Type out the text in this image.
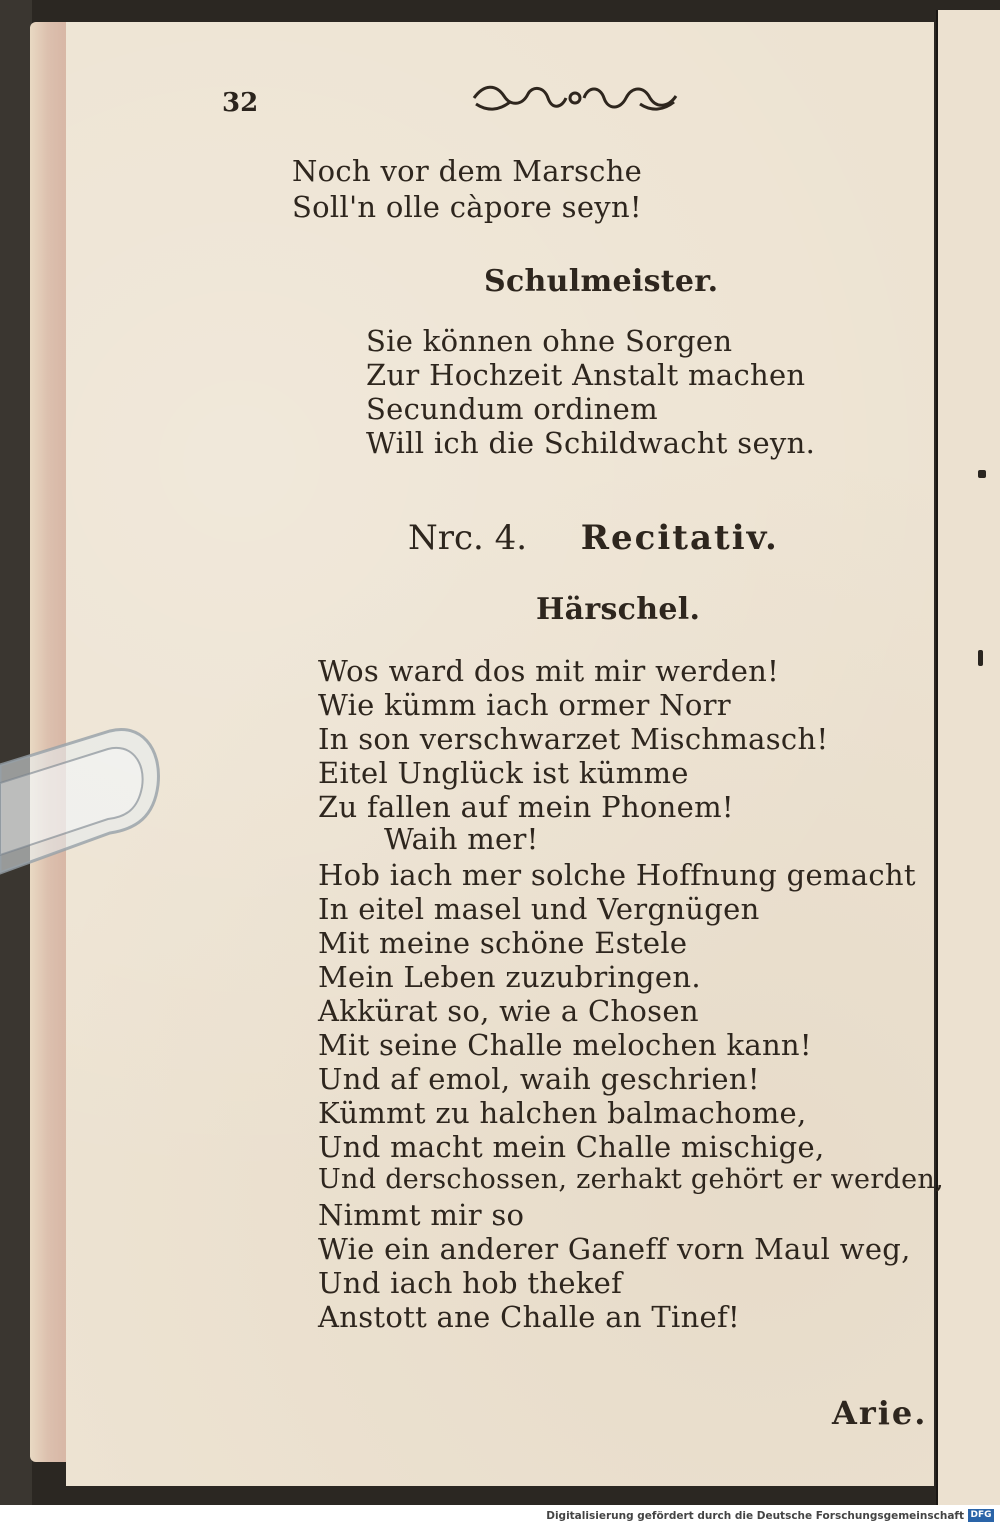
32
Noch vor dem Marsche
Soll'n olle càpore seyn!
Schulmeister.
Sie können ohne Sorgen
Zur Hochzeit Anstalt machen
Secundum ordinem
Will ich die Schildwacht seyn.
Nrc. 4. Recitativ.
Härschel.
Wos ward dos mit mir werden!
Wie kümm iach ormer Norr
In son verschwarzet Mischmasch!
Eitel Unglück ist kümme
Zu fallen auf mein Phonem!
Waih mer!
Hob iach mer solche Hoffnung gemacht
In eitel masel und Vergnügen
Mit meine schöne Estele
Mein Leben zuzubringen.
Akkürat so, wie a Chosen
Mit seine Challe melochen kann!
Und af emol, waih geschrien!
Kümmt zu halchen balmachome,
Und macht mein Challe mischige,
Und derschossen, zerhakt gehört er werden,
Nimmt mir so
Wie ein anderer Ganeff vorn Maul weg,
Und iach hob thekef
Anstott ane Challe an Tinef!
Arie.
Digitalisierung gefördert durch die Deutsche Forschungsgemeinschaft DFG
